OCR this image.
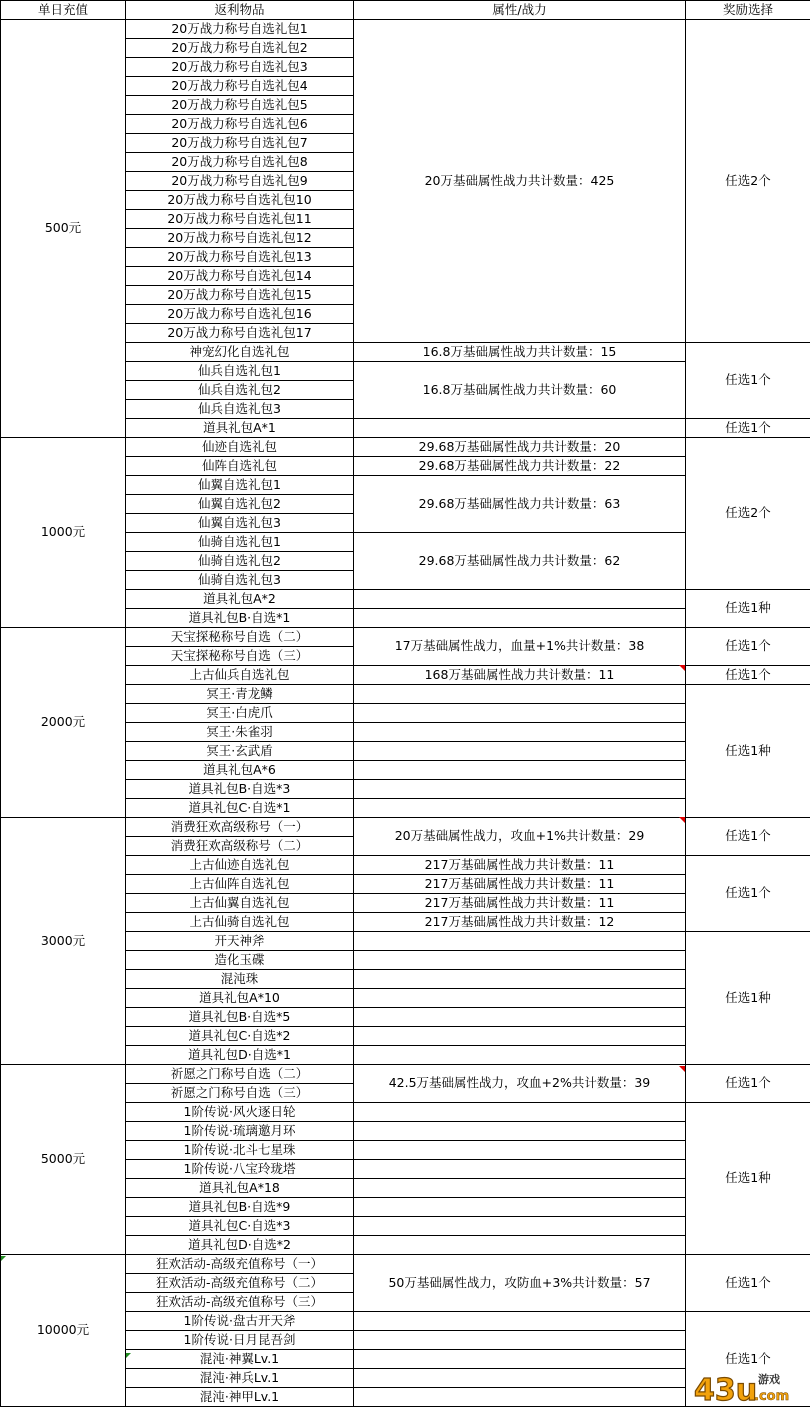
单日充值	返利物品	属性/战力	奖励选择
500元	20万战力称号自选礼包1	20万基础属性战力共计数量：425	任选2个
	20万战力称号自选礼包2		
	20万战力称号自选礼包3		
	20万战力称号自选礼包4		
	20万战力称号自选礼包5		
	20万战力称号自选礼包6		
	20万战力称号自选礼包7		
	20万战力称号自选礼包8		
	20万战力称号自选礼包9		
	20万战力称号自选礼包10		
	20万战力称号自选礼包11		
	20万战力称号自选礼包12		
	20万战力称号自选礼包13		
	20万战力称号自选礼包14		
	20万战力称号自选礼包15		
	20万战力称号自选礼包16		
	20万战力称号自选礼包17		
	神宠幻化自选礼包	16.8万基础属性战力共计数量：15	任选1个
	仙兵自选礼包1	16.8万基础属性战力共计数量：60	
	仙兵自选礼包2		
	仙兵自选礼包3		
	道具礼包A*1		任选1个
1000元	仙迹自选礼包	29.68万基础属性战力共计数量：20	任选2个
	仙阵自选礼包	29.68万基础属性战力共计数量：22	
	仙翼自选礼包1	29.68万基础属性战力共计数量：63	
	仙翼自选礼包2		
	仙翼自选礼包3		
	仙骑自选礼包1	29.68万基础属性战力共计数量：62	
	仙骑自选礼包2		
	仙骑自选礼包3		
	道具礼包A*2		任选1种
	道具礼包B·自选*1		
2000元	天宝探秘称号自选（二）	17万基础属性战力，血量+1%共计数量：38	任选1个
	天宝探秘称号自选（三）		
	上古仙兵自选礼包	168万基础属性战力共计数量：11	任选1个
	冥王·青龙鳞		任选1种
	冥王·白虎爪		
	冥王·朱雀羽		
	冥王·玄武盾		
	道具礼包A*6		
	道具礼包B·自选*3		
	道具礼包C·自选*1		
3000元	消费狂欢高级称号（一）	20万基础属性战力，攻血+1%共计数量：29	任选1个
	消费狂欢高级称号（二）		
	上古仙迹自选礼包	217万基础属性战力共计数量：11	任选1个
	上古仙阵自选礼包	217万基础属性战力共计数量：11	
	上古仙翼自选礼包	217万基础属性战力共计数量：11	
	上古仙骑自选礼包	217万基础属性战力共计数量：12	
	开天神斧		任选1种
	造化玉碟		
	混沌珠		
	道具礼包A*10		
	道具礼包B·自选*5		
	道具礼包C·自选*2		
	道具礼包D·自选*1		
5000元	祈愿之门称号自选（二）	42.5万基础属性战力，攻血+2%共计数量：39	任选1个
	祈愿之门称号自选（三）		
	1阶传说·风火逐日轮		任选1种
	1阶传说·琉璃邀月环		
	1阶传说·北斗七星珠		
	1阶传说·八宝玲珑塔		
	道具礼包A*18		
	道具礼包B·自选*9		
	道具礼包C·自选*3		
	道具礼包D·自选*2		
10000元	狂欢活动-高级充值称号（一）	50万基础属性战力，攻防血+3%共计数量：57	任选1个
	狂欢活动-高级充值称号（二）		
	狂欢活动-高级充值称号（三）		
	1阶传说·盘古开天斧		任选1个
	1阶传说·日月昆吾剑		
	混沌·神翼Lv.1		
	混沌·神兵Lv.1		
	混沌·神甲Lv.1			43u 游戏
.com
